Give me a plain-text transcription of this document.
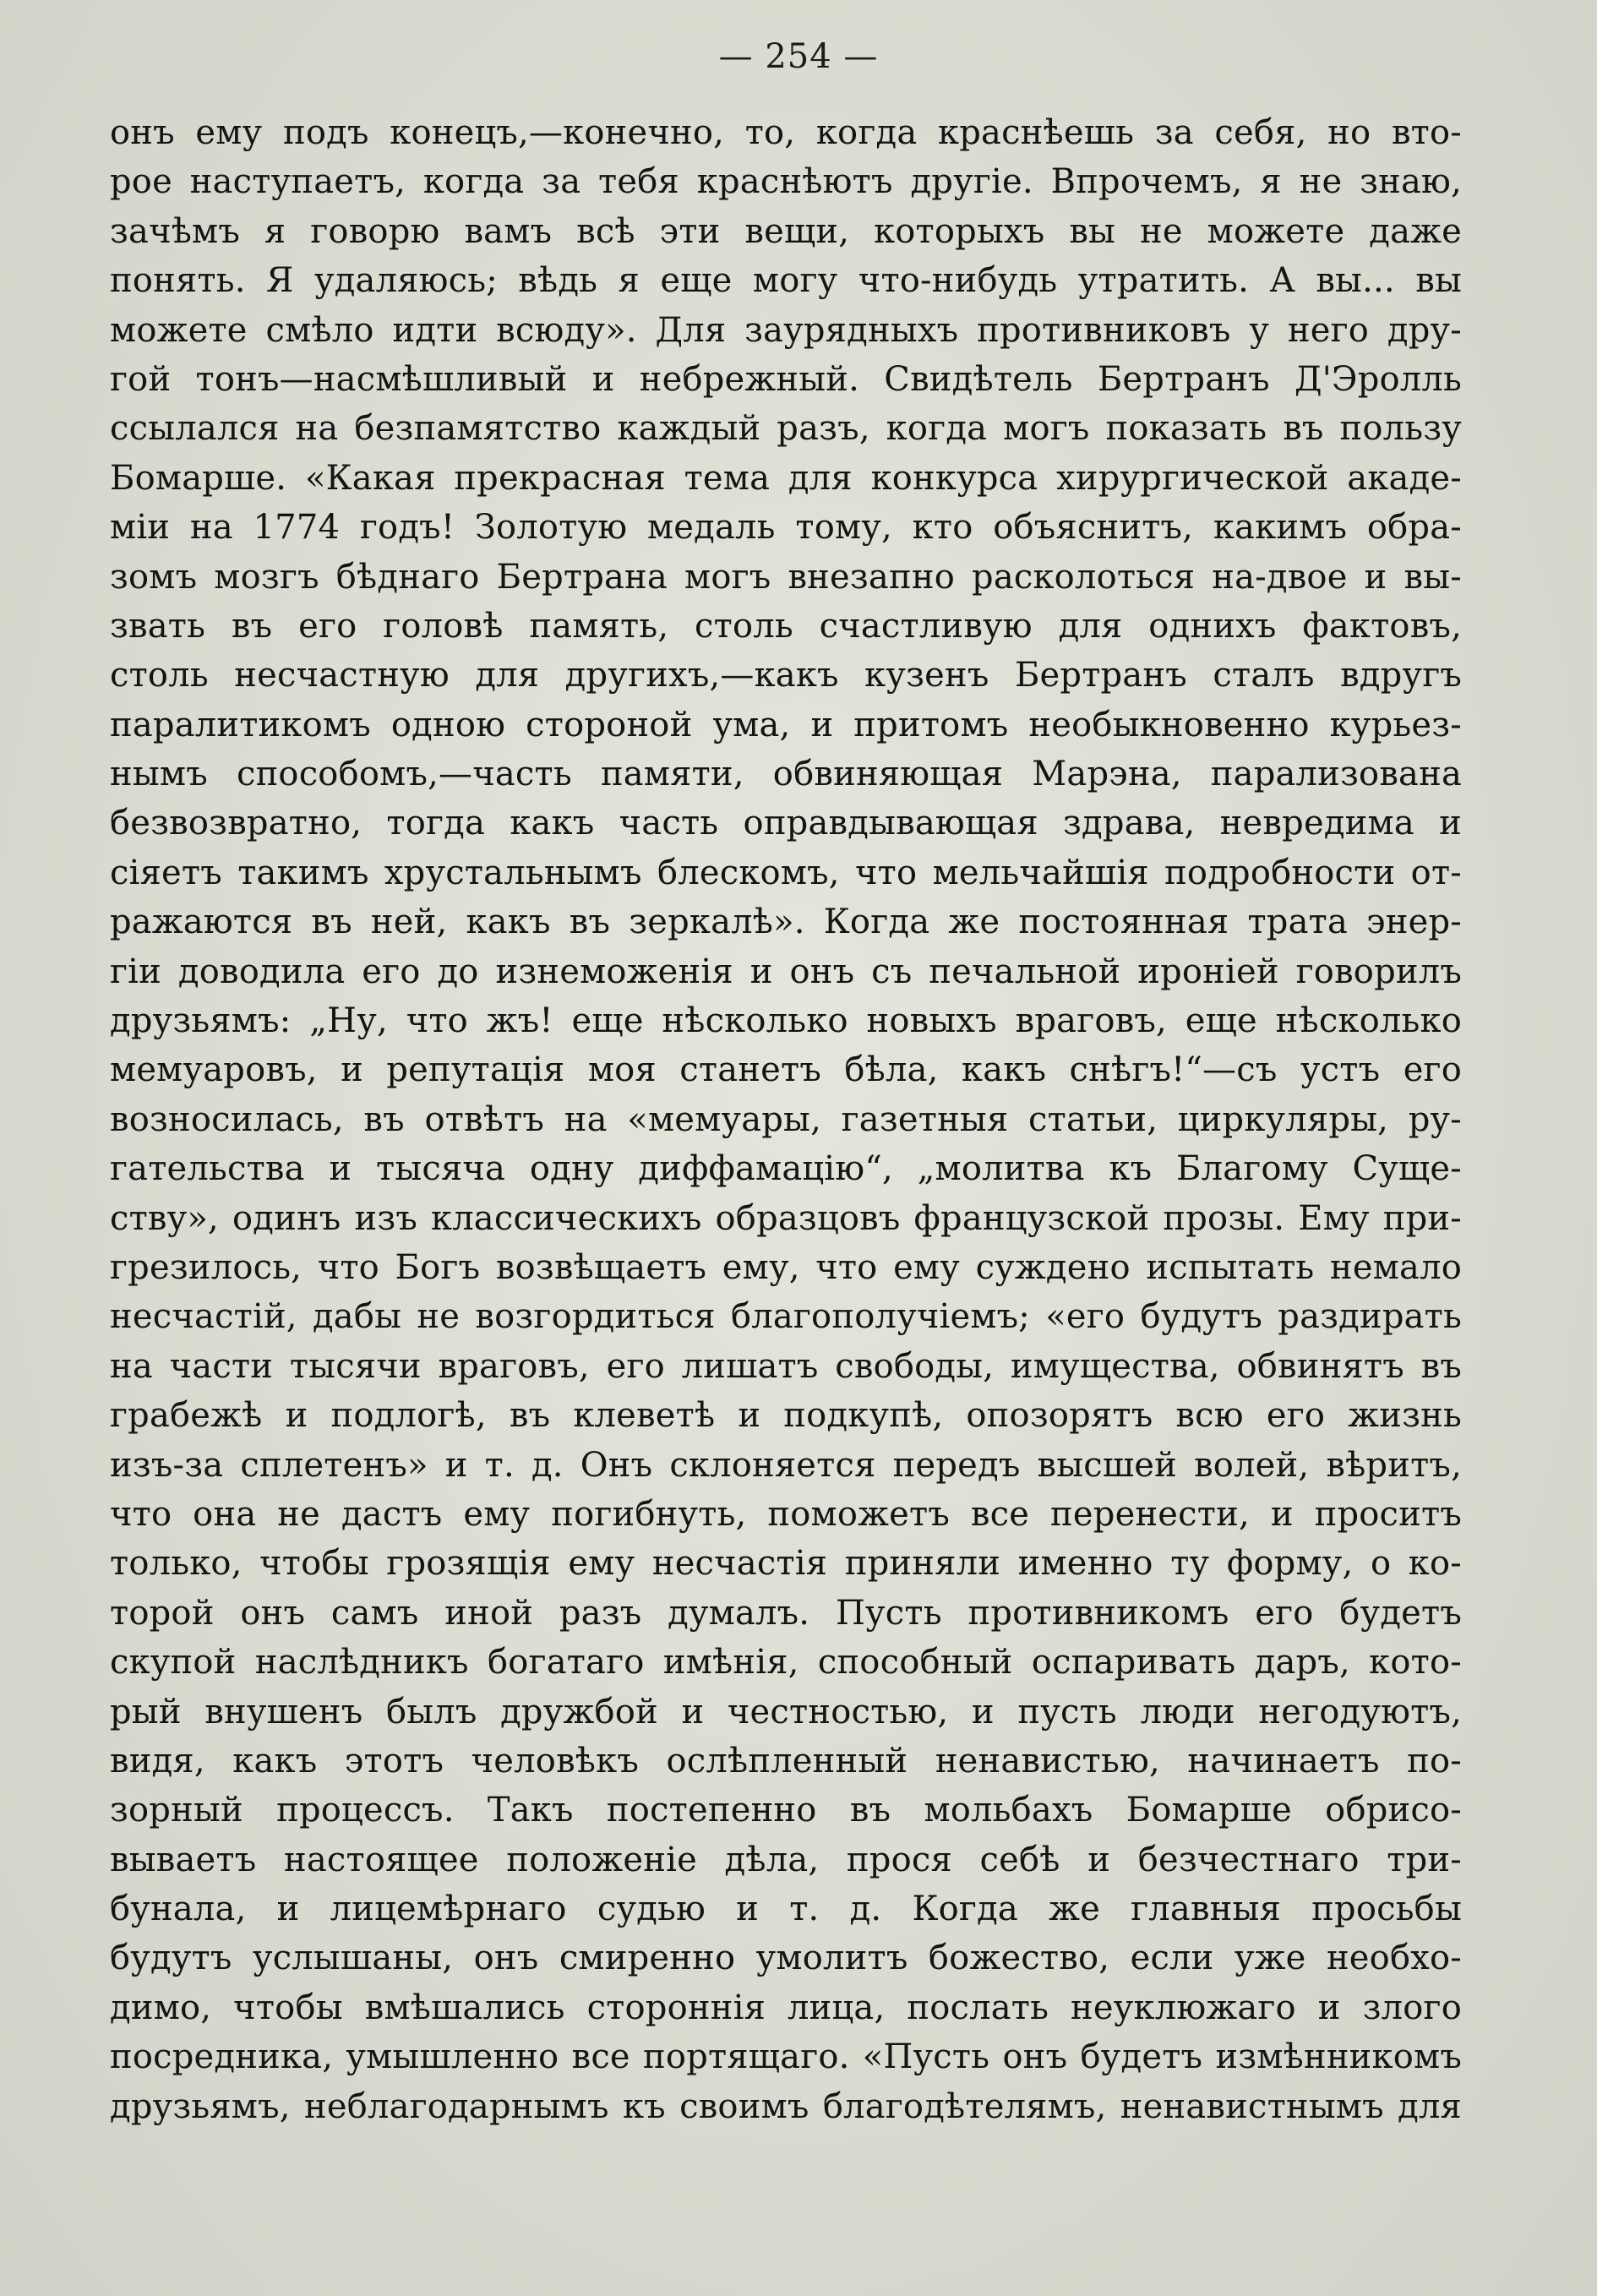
— 254 —
онъ ему подъ конецъ,—конечно, то, когда краснѣешь за себя, но вто-
рое наступаетъ, когда за тебя краснѣютъ другіе. Впрочемъ, я не знаю,
зачѣмъ я говорю вамъ всѣ эти вещи, которыхъ вы не можете даже
понять. Я удаляюсь; вѣдь я еще могу что-нибудь утратить. А вы... вы
можете смѣло идти всюду». Для заурядныхъ противниковъ у него дру-
гой тонъ—насмѣшливый и небрежный. Свидѣтель Бертранъ Д'Эролль
ссылался на безпамятство каждый разъ, когда могъ показать въ пользу
Бомарше. «Какая прекрасная тема для конкурса хирургической акаде-
міи на 1774 годъ! Золотую медаль тому, кто объяснитъ, какимъ обра-
зомъ мозгъ бѣднаго Бертрана могъ внезапно расколоться на-двое и вы-
звать въ его головѣ память, столь счастливую для однихъ фактовъ,
столь несчастную для другихъ,—какъ кузенъ Бертранъ сталъ вдругъ
паралитикомъ одною стороной ума, и притомъ необыкновенно курьез-
нымъ способомъ,—часть памяти, обвиняющая Марэна, парализована
безвозвратно, тогда какъ часть оправдывающая здрава, невредима и
сіяетъ такимъ хрустальнымъ блескомъ, что мельчайшія подробности от-
ражаются въ ней, какъ въ зеркалѣ». Когда же постоянная трата энер-
гіи доводила его до изнеможенія и онъ съ печальной ироніей говорилъ
друзьямъ: „Ну, что жъ! еще нѣсколько новыхъ враговъ, еще нѣсколько
мемуаровъ, и репутація моя станетъ бѣла, какъ снѣгъ!“—съ устъ его
возносилась, въ отвѣтъ на «мемуары, газетныя статьи, циркуляры, ру-
гательства и тысяча одну диффамацію“, „молитва къ Благому Суще-
ству», одинъ изъ классическихъ образцовъ французской прозы. Ему при-
грезилось, что Богъ возвѣщаетъ ему, что ему суждено испытать немало
несчастій, дабы не возгордиться благополучіемъ; «его будутъ раздирать
на части тысячи враговъ, его лишатъ свободы, имущества, обвинятъ въ
грабежѣ и подлогѣ, въ клеветѣ и подкупѣ, опозорятъ всю его жизнь
изъ-за сплетенъ» и т. д. Онъ склоняется передъ высшей волей, вѣритъ,
что она не дастъ ему погибнуть, поможетъ все перенести, и проситъ
только, чтобы грозящія ему несчастія приняли именно ту форму, о ко-
торой онъ самъ иной разъ думалъ. Пусть противникомъ его будетъ
скупой наслѣдникъ богатаго имѣнія, способный оспаривать даръ, кото-
рый внушенъ былъ дружбой и честностью, и пусть люди негодуютъ,
видя, какъ этотъ человѣкъ ослѣпленный ненавистью, начинаетъ по-
зорный процессъ. Такъ постепенно въ мольбахъ Бомарше обрисо-
вываетъ настоящее положеніе дѣла, прося себѣ и безчестнаго три-
бунала, и лицемѣрнаго судью и т. д. Когда же главныя просьбы
будутъ услышаны, онъ смиренно умолитъ божество, если уже необхо-
димо, чтобы вмѣшались стороннія лица, послать неуклюжаго и злого
посредника, умышленно все портящаго. «Пусть онъ будетъ измѣнникомъ
друзьямъ, неблагодарнымъ къ своимъ благодѣтелямъ, ненавистнымъ для
